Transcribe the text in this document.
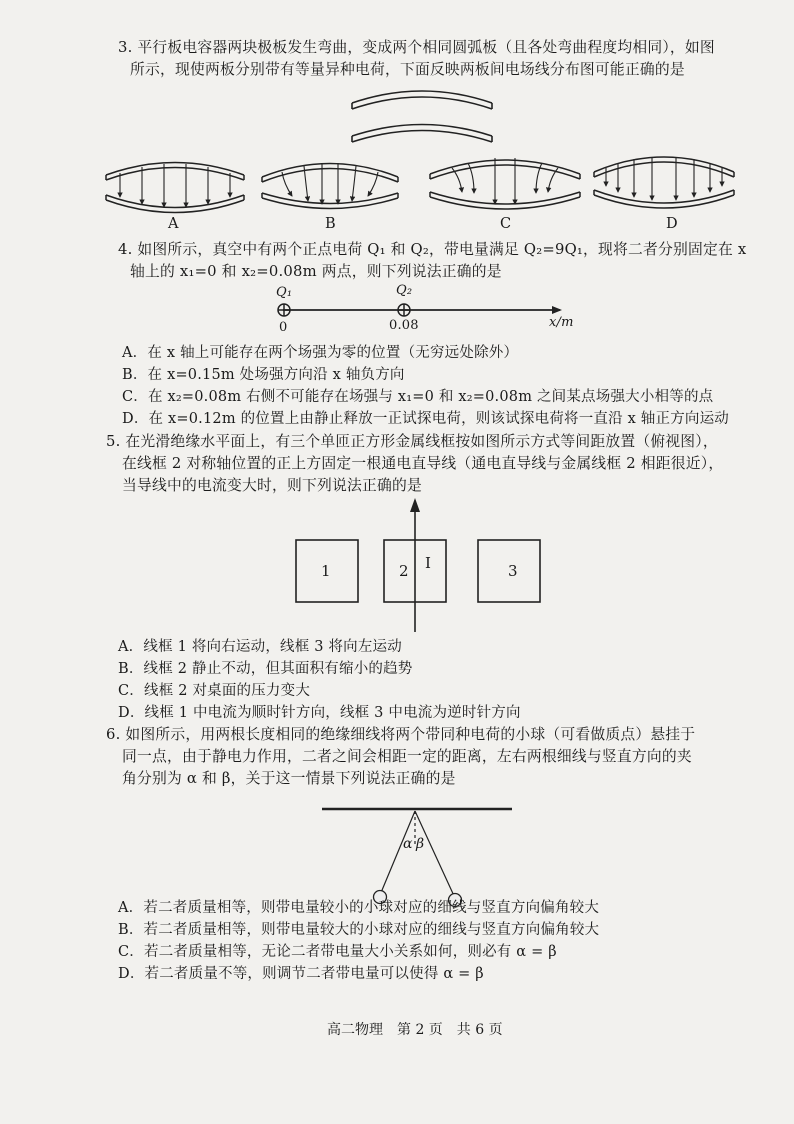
3. 平行板电容器两块极板发生弯曲，变成两个相同圆弧板（且各处弯曲程度均相同），如图
所示，现使两板分别带有等量异种电荷，下面反映两板间电场线分布图可能正确的是
A	B	C	D
4. 如图所示，真空中有两个正点电荷 Q₁ 和 Q₂，带电量满足 Q₂=9Q₁，现将二者分别固定在 x
轴上的 x₁=0 和 x₂=0.08m 两点，则下列说法正确的是
Q₁	Q₂
0	0.08	x/m
A．在 x 轴上可能存在两个场强为零的位置（无穷远处除外）
B．在 x=0.15m 处场强方向沿 x 轴负方向
C．在 x₂=0.08m 右侧不可能存在场强与 x₁=0 和 x₂=0.08m 之间某点场强大小相等的点
D．在 x=0.12m 的位置上由静止释放一正试探电荷，则该试探电荷将一直沿 x 轴正方向运动
5. 在光滑绝缘水平面上，有三个单匝正方形金属线框按如图所示方式等间距放置（俯视图），
在线框 2 对称轴位置的正上方固定一根通电直导线（通电直导线与金属线框 2 相距很近），
当导线中的电流变大时，则下列说法正确的是
1	2 I	3
A．线框 1 将向右运动，线框 3 将向左运动
B．线框 2 静止不动，但其面积有缩小的趋势
C．线框 2 对桌面的压力变大
D．线框 1 中电流为顺时针方向，线框 3 中电流为逆时针方向
6. 如图所示，用两根长度相同的绝缘细线将两个带同种电荷的小球（可看做质点）悬挂于
同一点，由于静电力作用，二者之间会相距一定的距离，左右两根细线与竖直方向的夹
角分别为 α 和 β，关于这一情景下列说法正确的是
α β
A．若二者质量相等，则带电量较小的小球对应的细线与竖直方向偏角较大
B．若二者质量相等，则带电量较大的小球对应的细线与竖直方向偏角较大
C．若二者质量相等，无论二者带电量大小关系如何，则必有 α = β
D．若二者质量不等，则调节二者带电量可以使得 α = β
高二物理　第 2 页　共 6 页
